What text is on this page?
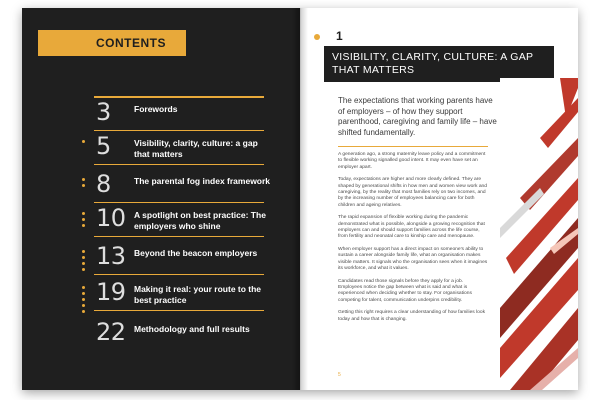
CONTENTS
3	Forewords
5	Visibility, clarity, culture: a gap that matters
8	The parental fog index framework
10 A spotlight on best practice: The employers who shine
13 Beyond the beacon employers
19 Making it real: your route to the best practice
22 Methodology and full results
1
VISIBILITY, CLARITY, CULTURE: A GAP THAT MATTERS
The expectations that working parents have of employers – of how they support parenthood, caregiving and family life – have shifted fundamentally.

A generation ago, a strong maternity leave policy and a commitment to flexible working signalled good intent. It may even have set an employer apart.

Today, expectations are higher and more clearly defined. They are shaped by generational shifts in how men and women view work and caregiving, by the reality that most families rely on two incomes, and by the increasing number of employees balancing care for both children and ageing relatives.

The rapid expansion of flexible working during the pandemic demonstrated what is possible, alongside a growing recognition that employers can and should support families across the life course, from fertility and neonatal care to kinship care and menopause.

When employer support has a direct impact on someone's ability to sustain a career alongside family life, what an organisation makes visible matters. It signals who the organisation sees when it imagines its workforce, and what it values.

Candidates read those signals before they apply for a job. Employees notice the gap between what is said and what is experienced when deciding whether to stay. For organisations competing for talent, communication underpins credibility.

Getting this right requires a clear understanding of how families look today and how that is changing.

5
